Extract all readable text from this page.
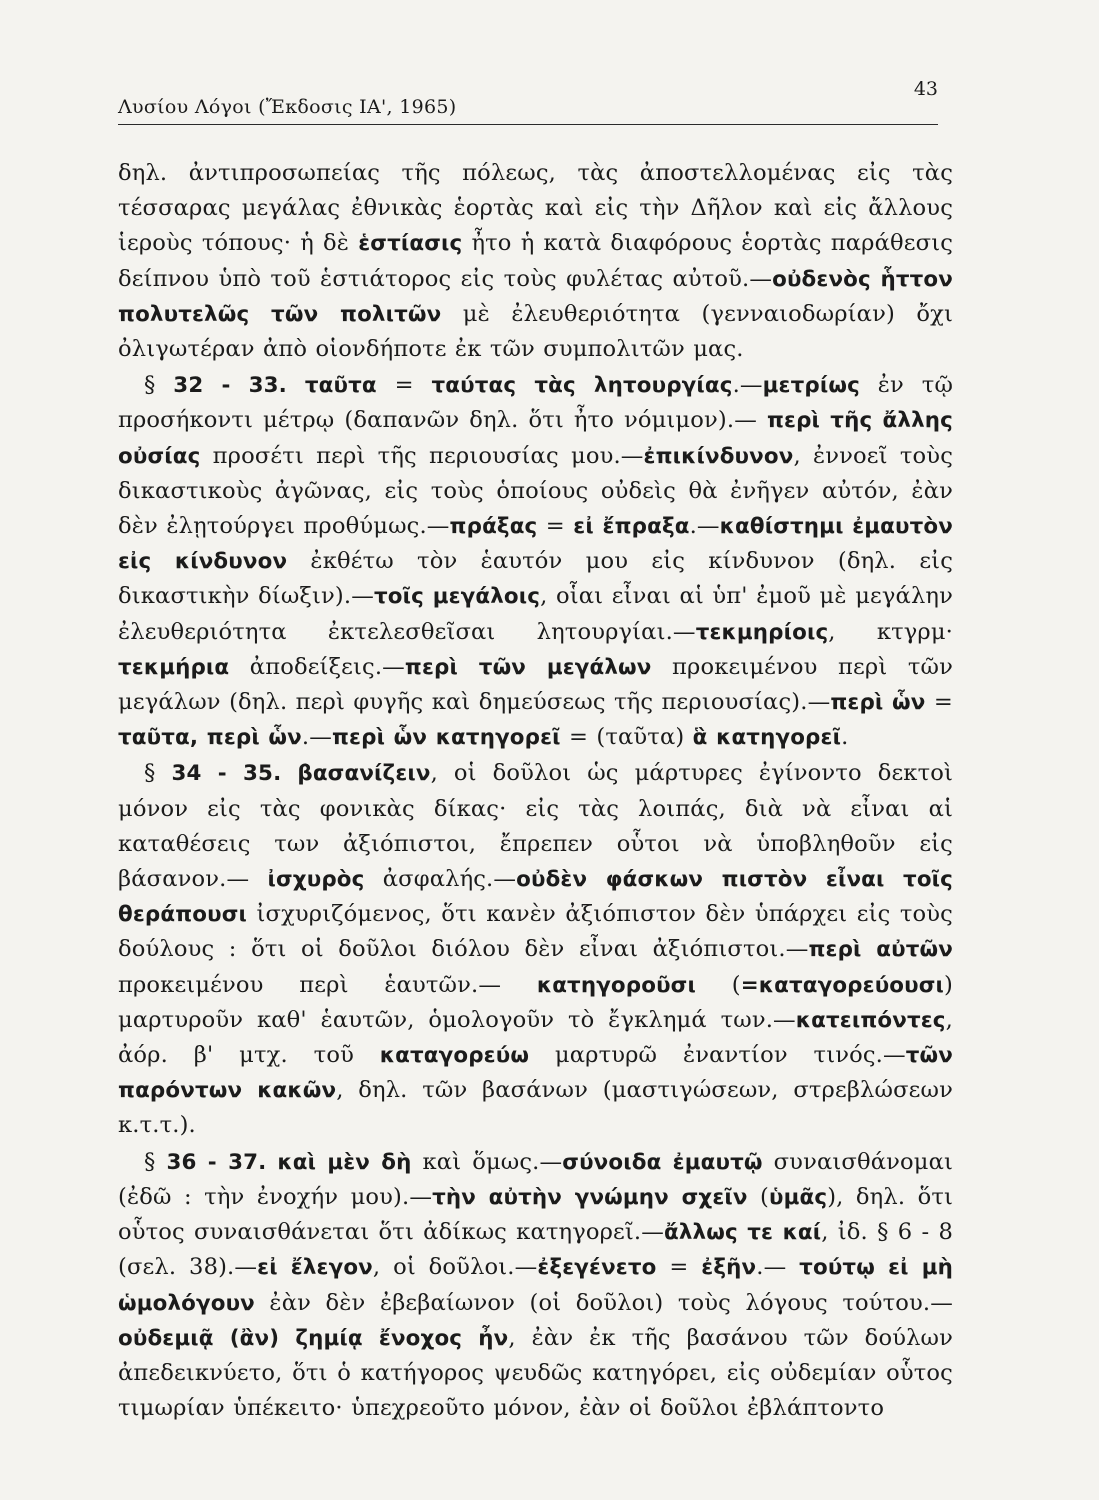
Λυσίου Λόγοι (Ἔκδοσις ΙΑ', 1965)
43

δηλ. ἀντιπροσωπείας τῆς πόλεως, τὰς ἀποστελλομένας εἰς τὰς τέσσαρας μεγάλας ἐθνικὰς ἑορτὰς καὶ εἰς τὴν Δῆλον καὶ εἰς ἄλλους ἱεροὺς τόπους· ἡ δὲ ἑστίασις ἦτο ἡ κατὰ διαφόρους ἑορτὰς παράθεσις δείπνου ὑπὸ τοῦ ἑστιάτορος εἰς τοὺς φυλέτας αὐτοῦ.—οὐδενὸς ἧττον πολυτελῶς τῶν πολιτῶν μὲ ἐλευθεριότητα (γενναιοδωρίαν) ὄχι ὀλιγωτέραν ἀπὸ οἱονδήποτε ἐκ τῶν συμπολιτῶν μας.

§ 32 - 33. ταῦτα = ταύτας τὰς λητουργίας.—μετρίως ἐν τῷ προσήκοντι μέτρῳ (δαπανῶν δηλ. ὅτι ἦτο νόμιμον).— περὶ τῆς ἄλλης οὐσίας προσέτι περὶ τῆς περιουσίας μου.—ἐπικίνδυνον, ἐννοεῖ τοὺς δικαστικοὺς ἀγῶνας, εἰς τοὺς ὁποίους οὐδεὶς θὰ ἐνῆγεν αὐτόν, ἐὰν δὲν ἐλῃτούργει προθύμως.—πράξας = εἰ ἔπραξα.—καθίστημι ἐμαυτὸν εἰς κίνδυνον ἐκθέτω τὸν ἑαυτόν μου εἰς κίνδυνον (δηλ. εἰς δικαστικὴν δίωξιν).—τοῖς μεγάλοις, οἷαι εἶναι αἱ ὑπ' ἐμοῦ μὲ μεγάλην ἐλευθεριότητα ἐκτελεσθεῖσαι λητουργίαι.—τεκμηρίοις, κτγρμ· τεκμήρια ἀποδείξεις.—περὶ τῶν μεγάλων προκειμένου περὶ τῶν μεγάλων (δηλ. περὶ φυγῆς καὶ δημεύσεως τῆς περιουσίας).—περὶ ὧν = ταῦτα, περὶ ὧν.—περὶ ὧν κατηγορεῖ = (ταῦτα) ἃ κατηγορεῖ.

§ 34 - 35. βασανίζειν, οἱ δοῦλοι ὡς μάρτυρες ἐγίνοντο δεκτοὶ μόνον εἰς τὰς φονικὰς δίκας· εἰς τὰς λοιπάς, διὰ νὰ εἶναι αἱ καταθέσεις των ἀξιόπιστοι, ἔπρεπεν οὗτοι νὰ ὑποβληθοῦν εἰς βάσανον.— ἰσχυρὸς ἀσφαλής.—οὐδὲν φάσκων πιστὸν εἶναι τοῖς θεράπουσι ἰσχυριζόμενος, ὅτι κανὲν ἀξιόπιστον δὲν ὑπάρχει εἰς τοὺς δούλους : ὅτι οἱ δοῦλοι διόλου δὲν εἶναι ἀξιόπιστοι.—περὶ αὐτῶν προκειμένου περὶ ἑαυτῶν.— κατηγοροῦσι (=καταγορεύουσι) μαρτυροῦν καθ' ἑαυτῶν, ὁμολογοῦν τὸ ἔγκλημά των.—κατειπόντες, ἀόρ. β' μτχ. τοῦ καταγορεύω μαρτυρῶ ἐναντίον τινός.—τῶν παρόντων κακῶν, δηλ. τῶν βασάνων (μαστιγώσεων, στρεβλώσεων κ.τ.τ.).

§ 36 - 37. καὶ μὲν δὴ καὶ ὅμως.—σύνοιδα ἐμαυτῷ συναισθάνομαι (ἐδῶ : τὴν ἐνοχήν μου).—τὴν αὐτὴν γνώμην σχεῖν (ὑμᾶς), δηλ. ὅτι οὗτος συναισθάνεται ὅτι ἀδίκως κατηγορεῖ.—ἄλλως τε καί, ἰδ. § 6 - 8 (σελ. 38).—εἰ ἔλεγον, οἱ δοῦλοι.—ἐξεγένετο = ἐξῆν.— τούτῳ εἰ μὴ ὡμολόγουν ἐὰν δὲν ἐβεβαίωνον (οἱ δοῦλοι) τοὺς λόγους τούτου.—οὐδεμιᾷ (ἂν) ζημίᾳ ἔνοχος ἦν, ἐὰν ἐκ τῆς βασάνου τῶν δούλων ἀπεδεικνύετο, ὅτι ὁ κατήγορος ψευδῶς κατηγόρει, εἰς οὐδεμίαν οὗτος τιμωρίαν ὑπέκειτο· ὑπεχρεοῦτο μόνον, ἐὰν οἱ δοῦλοι ἐβλάπτοντο
